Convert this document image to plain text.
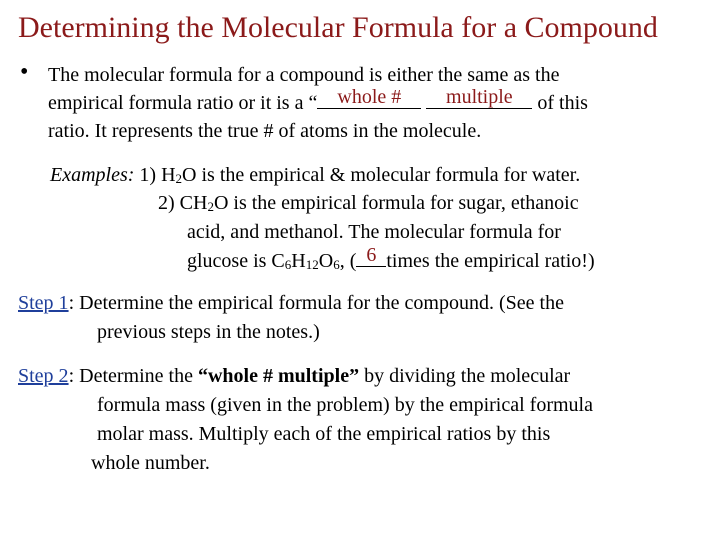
Determining the Molecular Formula for a Compound
• The molecular formula for a compound is either the same as the
empirical formula ratio or it is a “	whole #
	multiple of this
ratio. It represents the true # of atoms in the molecule.
Examples: 1) $H_2O$ is the empirical & molecular formula for water.
2) $CH_2O$ is the empirical formula for sugar, ethanoic
acid, and methanol. The molecular formula for
glucose is $C_6H_{12}O_6$, ( 6 times the empirical ratio!)
Step 1: Determine the empirical formula for the compound. (See the
previous steps in the notes.)
Step 2: Determine the “whole # multiple” by dividing the molecular
formula mass (given in the problem) by the empirical formula
molar mass. Multiply each of the empirical ratios by this
whole number.
